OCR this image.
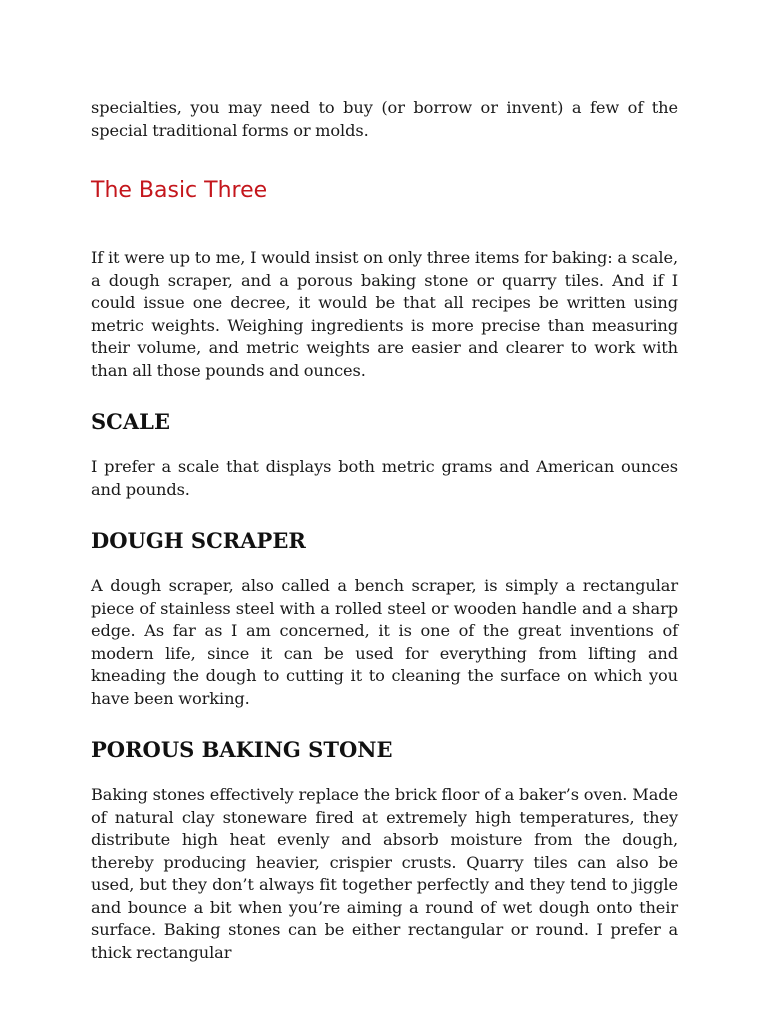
specialties, you may need to buy (or borrow or invent) a few of the special traditional forms or molds.

The Basic Three

If it were up to me, I would insist on only three items for baking: a scale, a dough scraper, and a porous baking stone or quarry tiles. And if I could issue one decree, it would be that all recipes be written using metric weights. Weighing ingredients is more precise than measuring their volume, and metric weights are easier and clearer to work with than all those pounds and ounces.

SCALE

I prefer a scale that displays both metric grams and American ounces and pounds.

DOUGH SCRAPER

A dough scraper, also called a bench scraper, is simply a rectangular piece of stainless steel with a rolled steel or wooden handle and a sharp edge. As far as I am concerned, it is one of the great inventions of modern life, since it can be used for everything from lifting and kneading the dough to cutting it to cleaning the surface on which you have been working.

POROUS BAKING STONE

Baking stones effectively replace the brick floor of a baker’s oven. Made of natural clay stoneware fired at extremely high temperatures, they distribute high heat evenly and absorb moisture from the dough, thereby producing heavier, crispier crusts. Quarry tiles can also be used, but they don’t always fit together perfectly and they tend to jiggle and bounce a bit when you’re aiming a round of wet dough onto their surface. Baking stones can be either rectangular or round. I prefer a thick rectangular
